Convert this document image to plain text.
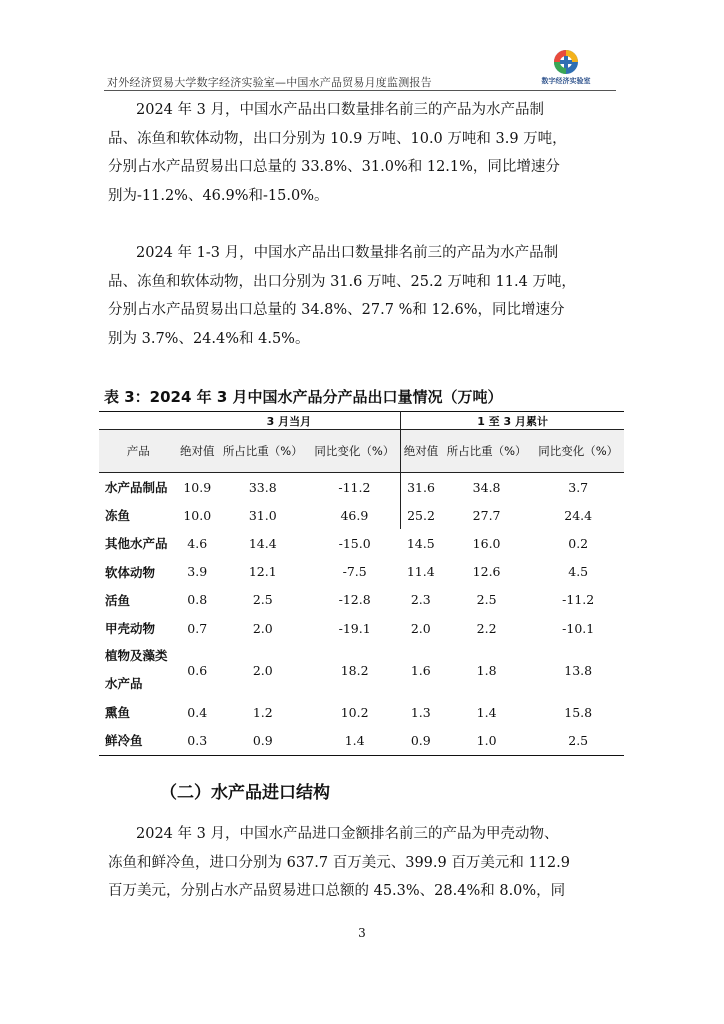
对外经济贸易大学数字经济实验室—中国水产品贸易月度监测报告	数字经济实验室

2024 年 3 月，中国水产品出口数量排名前三的产品为水产品制

品、冻鱼和软体动物，出口分别为 10.9 万吨、10.0 万吨和 3.9 万吨，

分别占水产品贸易出口总量的 33.8%、31.0%和 12.1%，同比增速分

别为-11.2%、46.9%和-15.0%。

2024 年 1-3 月，中国水产品出口数量排名前三的产品为水产品制

品、冻鱼和软体动物，出口分别为 31.6 万吨、25.2 万吨和 11.4 万吨，

分别占水产品贸易出口总量的 34.8%、27.7 %和 12.6%，同比增速分

别为 3.7%、24.4%和 4.5%。

表 3：2024 年 3 月中国水产品分产品出口量情况（万吨）
	3 月当月			1 至 3 月累计		
产品	绝对值	所占比重（%）	同比变化（%）	绝对值	所占比重（%）	同比变化（%）
水产品制品	10.9	33.8	-11.2	31.6	34.8	3.7
冻鱼	10.0	31.0	46.9	25.2	27.7	24.4
其他水产品	4.6	14.4	-15.0	14.5	16.0	0.2
软体动物	3.9	12.1	-7.5	11.4	12.6	4.5
活鱼	0.8	2.5	-12.8	2.3	2.5	-11.2
甲壳动物	0.7	2.0	-19.1	2.0	2.2	-10.1

植物及藻类
水产品	0.6	2.0	18.2	1.6	1.8	13.8
熏鱼	0.4	1.2	10.2	1.3	1.4	15.8
鲜冷鱼	0.3	0.9	1.4	0.9	1.0	2.5
（二）水产品进口结构

2024 年 3 月，中国水产品进口金额排名前三的产品为甲壳动物、

冻鱼和鲜冷鱼，进口分别为 637.7 百万美元、399.9 百万美元和 112.9

百万美元，分别占水产品贸易进口总额的 45.3%、28.4%和 8.0%，同

3
